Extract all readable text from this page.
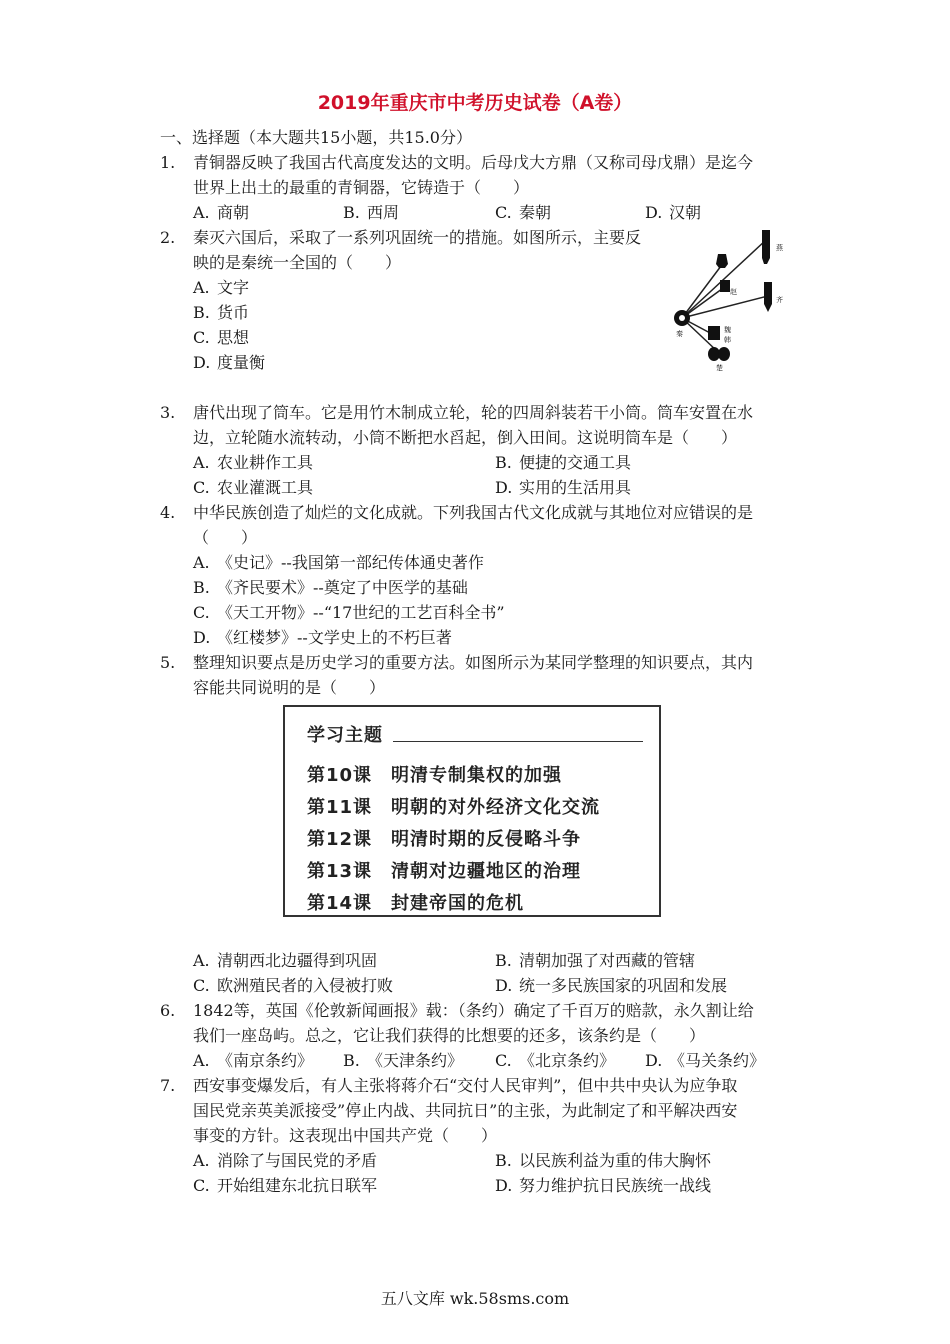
2019年重庆市中考历史试卷（A卷）
一、选择题（本大题共15小题，共15.0分）
1. 青铜器反映了我国古代高度发达的文明。后母戊大方鼎（又称司母戊鼎）是迄今
世界上出土的最重的青铜器，它铸造于（　　）
A. 商朝	B. 西周	C. 秦朝	D. 汉朝
2. 秦灭六国后，采取了一系列巩固统一的措施。如图所示，主要反
映的是秦统一全国的（　　）
A. 文字
B. 货币
C. 思想
D. 度量衡
燕
赵
齐
秦	魏
韩
楚
3. 唐代出现了筒车。它是用竹木制成立轮，轮的四周斜装若干小筒。筒车安置在水
边，立轮随水流转动，小筒不断把水舀起，倒入田间。这说明筒车是（　　）
A. 农业耕作工具	B. 便捷的交通工具
C. 农业灌溉工具	D. 实用的生活用具
4. 中华民族创造了灿烂的文化成就。下列我国古代文化成就与其地位对应错误的是
（　　）
A. 《史记》--我国第一部纪传体通史著作
B. 《齐民要术》--奠定了中医学的基础
C. 《天工开物》--“17世纪的工艺百科全书”
D. 《红楼梦》--文学史上的不朽巨著
5. 整理知识要点是历史学习的重要方法。如图所示为某同学整理的知识要点，其内
容能共同说明的是（　　）
学习主题
第10课　明清专制集权的加强
第11课　明朝的对外经济文化交流
第12课　明清时期的反侵略斗争
第13课　清朝对边疆地区的治理
第14课　封建帝国的危机
A. 清朝西北边疆得到巩固	B. 清朝加强了对西藏的管辖
C. 欧洲殖民者的入侵被打败	D. 统一多民族国家的巩固和发展
6. 1842等，英国《伦敦新闻画报》载：（条约）确定了千百万的赔款，永久割让给
我们一座岛屿。总之，它让我们获得的比想要的还多，该条约是（　　）
A. 《南京条约》 B. 《天津条约》 C. 《北京条约》 D. 《马关条约》
7. 西安事变爆发后，有人主张将蒋介石“交付人民审判”，但中共中央认为应争取
国民党亲英美派接受”停止内战、共同抗日”的主张，为此制定了和平解决西安
事变的方针。这表现出中国共产党（　　）
A. 消除了与国民党的矛盾	B. 以民族利益为重的伟大胸怀
C. 开始组建东北抗日联军	D. 努力维护抗日民族统一战线
五八文库 wk.58sms.com
